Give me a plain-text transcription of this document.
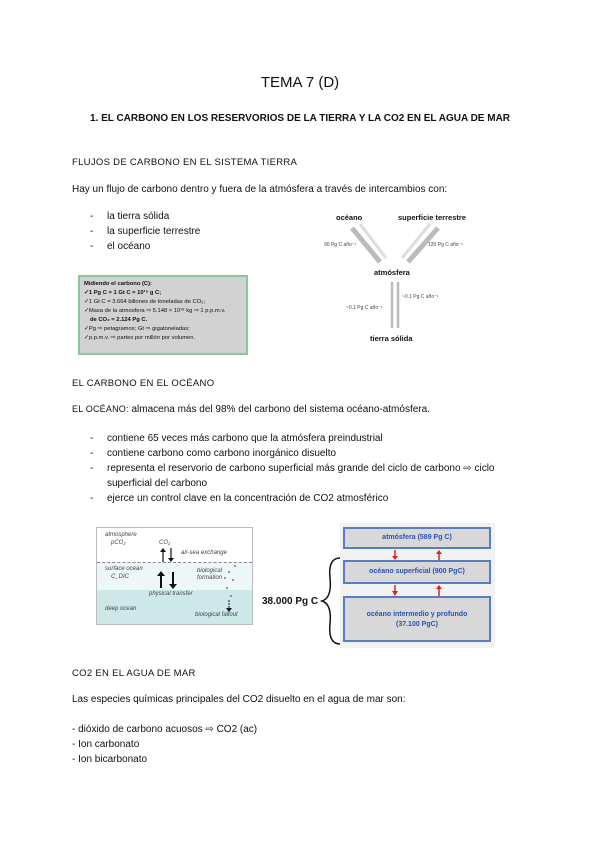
TEMA 7 (D)
1. EL CARBONO EN LOS RESERVORIOS DE LA TIERRA Y LA CO2 EN EL AGUA DE MAR
FLUJOS DE CARBONO EN EL SISTEMA TIERRA
Hay un flujo de carbono dentro y fuera de la atmósfera a través de intercambios con:
- la tierra sólida
- la superficie terrestre
- el océano
océano	superficie terrestre
90 Pg C año⁻¹	120 Pg C año⁻¹
atmósfera
~0.1 Pg C año⁻¹
~0.1 Pg C año⁻¹
tierra sólida
Midiendo el carbono (C):
✓1 Pg C = 1 Gt C = 10¹⁵ g C;
✓1 Gt C = 3.664 billones de toneladas de CO₂;
✓Masa de la atmosfera ⇨ 5.148 × 10¹⁸ kg ⇨ 1 p.p.m.v.
de CO₂ = 2.124 Pg C.
✓Pg ⇨ petagramos; Gt ⇨ gigatoneladas;
✓p.p.m.v. ⇨ partes por millón por volumen.
EL CARBONO EN EL OCÉANO
EL OCÉANO: almacena más del 98% del carbono del sistema océano-atmósfera.
- contiene 65 veces más carbono que la atmósfera preindustrial
- contiene carbono como carbono inorgánico disuelto
- representa el reservorio de carbono superficial más grande del ciclo de carbono ⇨ ciclo superficial del carbono
- ejerce un control clave en la concentración de CO2 atmosférico
atmosphere
pCO₂	CO₂
air-sea exchange
surface ocean
C_DIC
biological formation
physical transfer
deep ocean
biological fallout
38.000 Pg C
atmósfera (589 Pg C)
océano superficial (900 PgC)
océano intermedio y profundo (37.100 PgC)
CO2 EN EL AGUA DE MAR
Las especies químicas principales del CO2 disuelto en el agua de mar son:
- dióxido de carbono acuosos ⇨ CO2 (ac)
- Ion carbonato
- Ion bicarbonato
